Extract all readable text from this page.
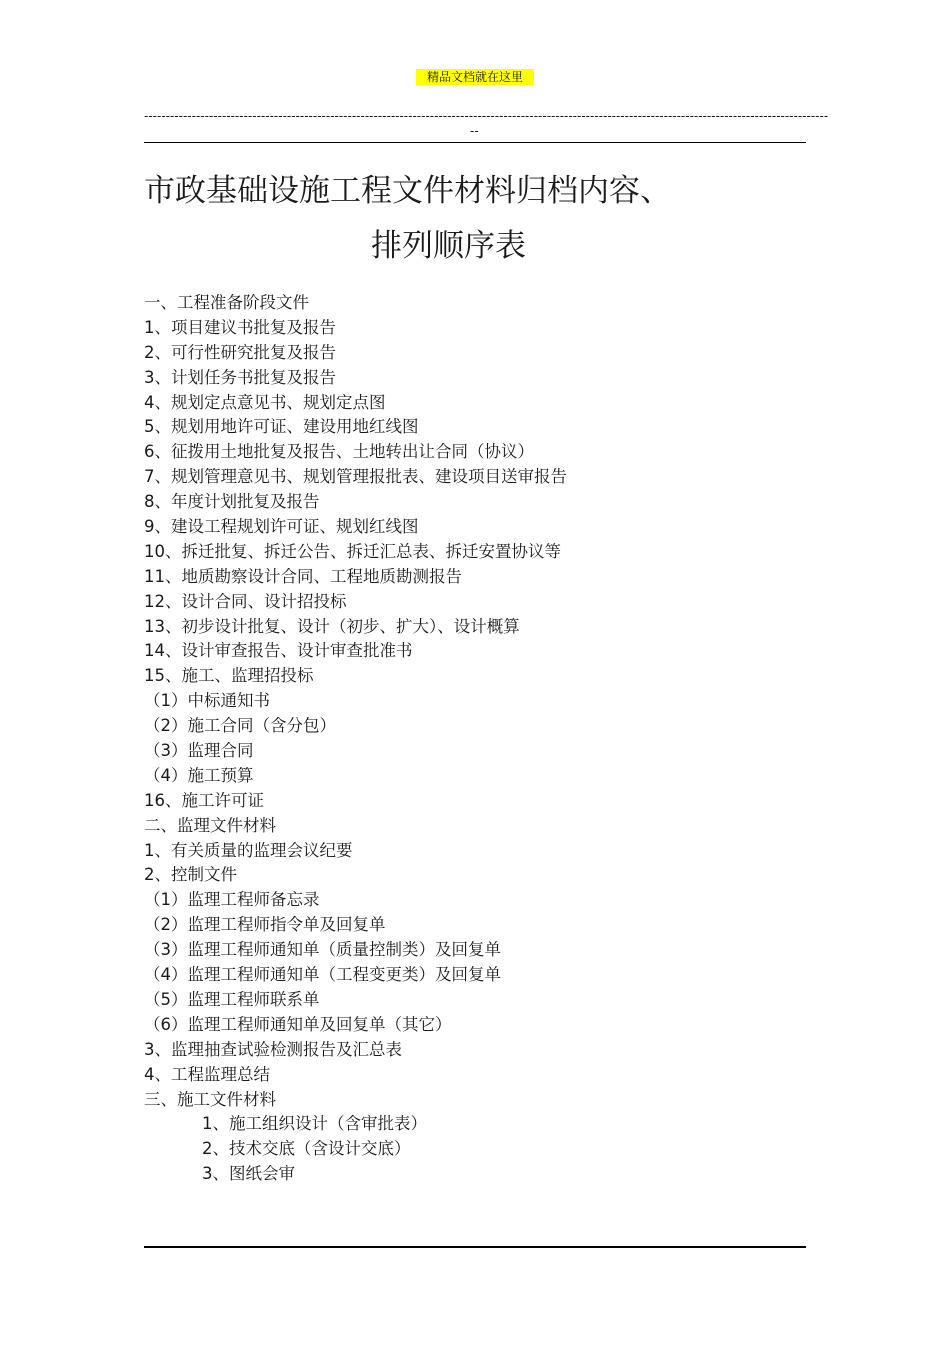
精品文档就在这里
--------------------------------------------------------------------------------------------------------------------------------------------------------------
--
市政基础设施工程文件材料归档内容、
排列顺序表
一、工程准备阶段文件
1、项目建议书批复及报告
2、可行性研究批复及报告
3、计划任务书批复及报告
4、规划定点意见书、规划定点图
5、规划用地许可证、建设用地红线图
6、征拨用土地批复及报告、土地转出让合同（协议）
7、规划管理意见书、规划管理报批表、建设项目送审报告
8、年度计划批复及报告
9、建设工程规划许可证、规划红线图
10、拆迁批复、拆迁公告、拆迁汇总表、拆迁安置协议等
11、地质勘察设计合同、工程地质勘测报告
12、设计合同、设计招投标
13、初步设计批复、设计（初步、扩大）、设计概算
14、设计审查报告、设计审查批准书
15、施工、监理招投标
（1）中标通知书
（2）施工合同（含分包）
（3）监理合同
（4）施工预算
16、施工许可证
二、监理文件材料
1、有关质量的监理会议纪要
2、控制文件
（1）监理工程师备忘录
（2）监理工程师指令单及回复单
（3）监理工程师通知单（质量控制类）及回复单
（4）监理工程师通知单（工程变更类）及回复单
（5）监理工程师联系单
（6）监理工程师通知单及回复单（其它）
3、监理抽查试验检测报告及汇总表
4、工程监理总结
三、施工文件材料
1、施工组织设计（含审批表）
2、技术交底（含设计交底）
3、图纸会审
